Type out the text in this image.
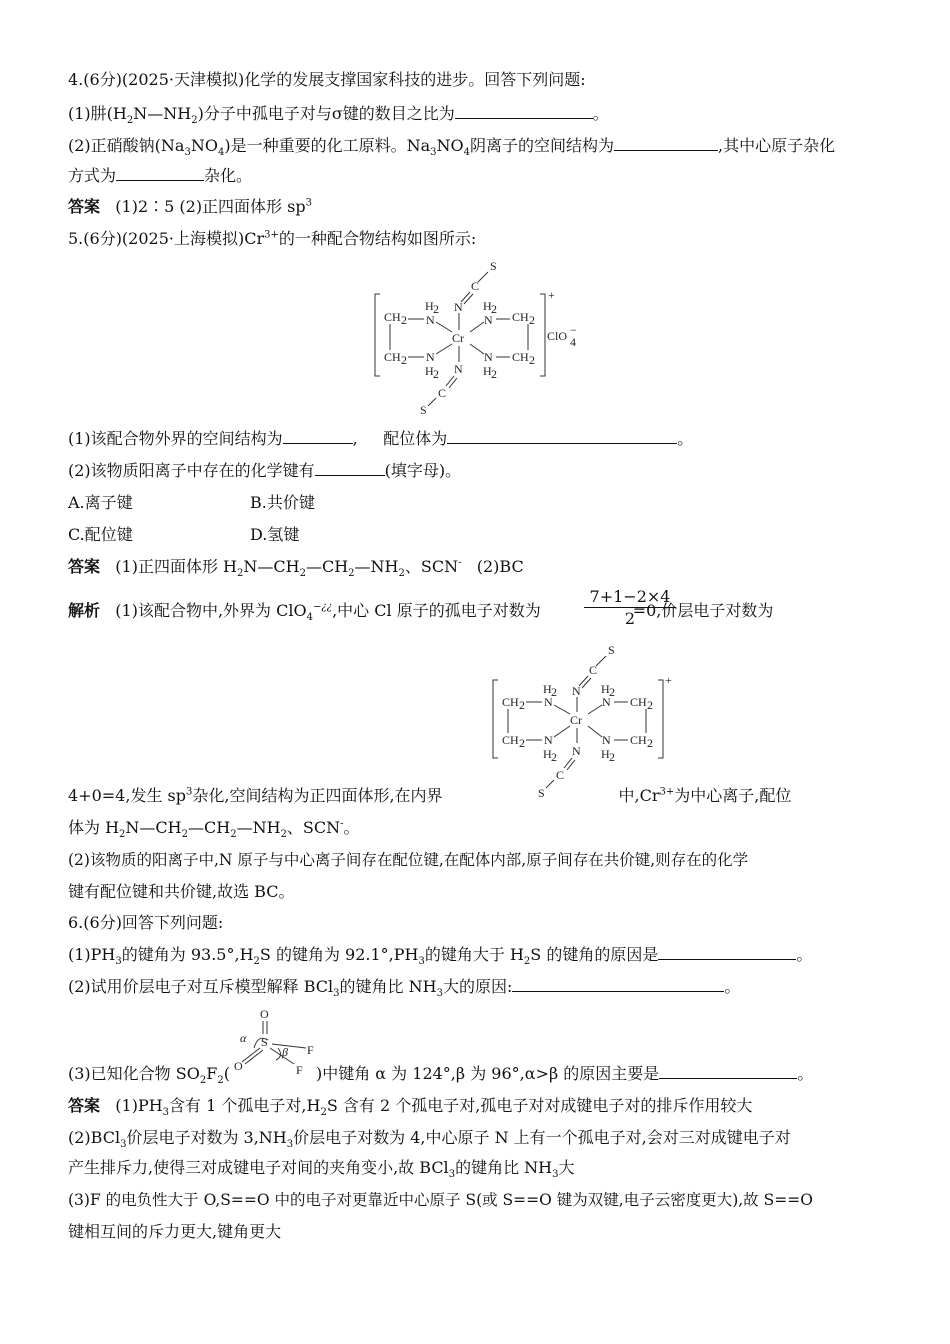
4.(6分)(2025·天津模拟)化学的发展支撑国家科技的进步。回答下列问题:
(1)肼$(H_2N—NH_2)$分子中孤电子对与σ键的数目之比为	。
(2)正硝酸钠$(Na_3NO_4)$是一种重要的化工原料。$Na_3NO_4$阴离子的空间结构为	,其中心原子杂化
方式为	杂化。
答案 (1)2∶5 (2)正四面体形 $sp^3$
5.(6分)(2025·上海模拟)$Cr^{3+}$的一种配合物结构如图所示:
+
ClO −
4
S
C
N
Cr
CH 2 N
H 2
CH 2 N
H 2
H 2
N CH 2
N
H 2
CH 2
N
C
S
(1)该配合物外界的空间结构为	, 配位体为	。
(2)该物质阳离子中存在的化学键有	(填字母)。
A.离子键	B.共价键
C.配位键	D.氢键
答案 (1)正四面体形 $H_2N—CH_2—CH_2—NH_2$、SCN- (2)BC
解析 (1)该配合物中,外界为 ClO$_4$−¿¿,中心 Cl 原子的孤电子对数为	=0,价层电子对数为
$\frac{7+1-2\times 4}{2}$
+
S
C
N
Cr
CH 2 N
H 2
CH 2 N
H 2
H 2
N CH 2
N
H 2
CH 2
N
C
S
4+0=4,发生 $sp^3$杂化,空间结构为正四面体形,在内界	中$,Cr^{3+}$为中心离子,配位
体为 $H_2N—CH_2—CH_2—NH_2$、SCN-。
(2)该物质的阳离子中,N 原子与中心离子间存在配位键,在配体内部,原子间存在共价键,则存在的化学
键有配位键和共价键,故选 BC。
6.(6分)回答下列问题:
$(1)PH_3$的键角为 $93.5^\circ,H_2S$ 的键角为 $92.1^\circ,PH_3$的键角大于 $H_2S$ 的键角的原因是	。
(2)试用价层电子对互斥模型解释 BCl$_3$的键角比 $NH_3$大的原因:	。
O
α S
O
F
β
F
(3)已知化合物 $SO_2F_2$(	)中键角 α 为 124°,β 为 96°,α>β 的原因主要是	。
答案 $(1)PH_3$含有 1 个孤电子对$,H_2S$ 含有 2 个孤电子对,孤电子对对成键电子对的排斥作用较大
(2)BCl$_3$价层电子对数为 $3,NH_3$价层电子对数为 4,中心原子 N 上有一个孤电子对,会对三对成键电子对
产生排斥力,使得三对成键电子对间的夹角变小,故 BCl$_3$的键角比 $NH_3$大
(3)F 的电负性大于 O,S==O 中的电子对更靠近中心原子 S(或 S==O 键为双键,电子云密度更大),故 S==O
键相互间的斥力更大,键角更大
